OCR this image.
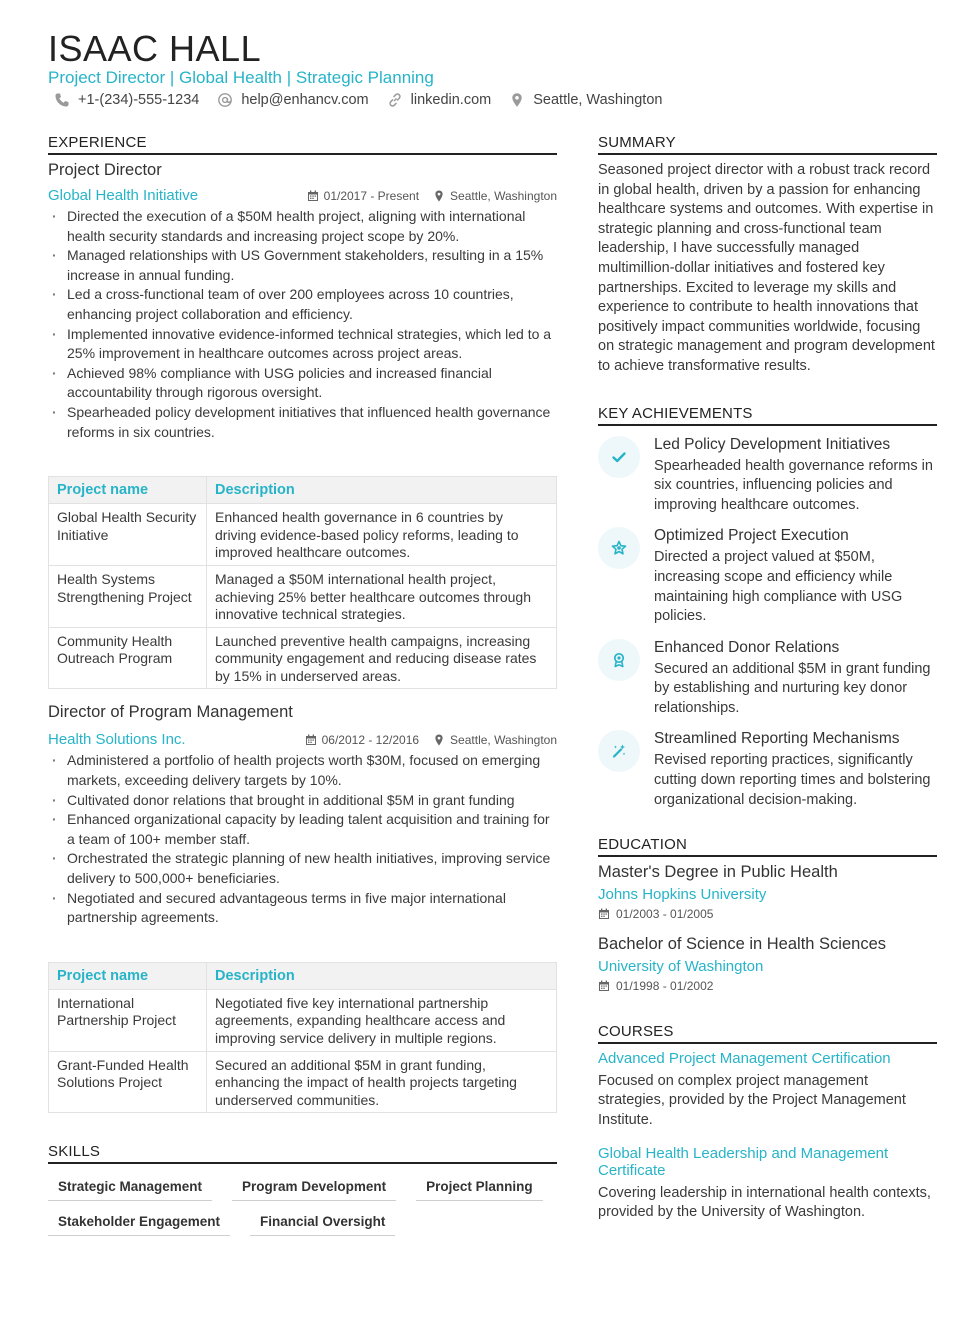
ISAAC HALL
Project Director | Global Health | Strategic Planning
+1-(234)-555-1234	help@enhancv.com	linkedin.com	Seattle, Washington
EXPERIENCE
Project Director
Global Health Initiative	01/2017 - Present	Seattle, Washington
· Directed the execution of a $50M health project, aligning with international health security standards and increasing project scope by 20%.
· Managed relationships with US Government stakeholders, resulting in a 15% increase in annual funding.
· Led a cross-functional team of over 200 employees across 10 countries, enhancing project collaboration and efficiency.
· Implemented innovative evidence-informed technical strategies, which led to a 25% improvement in healthcare outcomes across project areas.
· Achieved 98% compliance with USG policies and increased financial accountability through rigorous oversight.
· Spearheaded policy development initiatives that influenced health governance reforms in six countries.
Project name	Description
Global Health Security Initiative	Enhanced health governance in 6 countries by driving evidence-based policy reforms, leading to improved healthcare outcomes.
Health Systems Strengthening Project	Managed a $50M international health project, achieving 25% better healthcare outcomes through innovative technical strategies.
Community Health Outreach Program	Launched preventive health campaigns, increasing community engagement and reducing disease rates by 15% in underserved areas.
Director of Program Management
Health Solutions Inc.	06/2012 - 12/2016	Seattle, Washington
· Administered a portfolio of health projects worth $30M, focused on emerging markets, exceeding delivery targets by 10%.
· Cultivated donor relations that brought in additional $5M in grant funding
· Enhanced organizational capacity by leading talent acquisition and training for a team of 100+ member staff.
· Orchestrated the strategic planning of new health initiatives, improving service delivery to 500,000+ beneficiaries.
· Negotiated and secured advantageous terms in five major international partnership agreements.
Project name	Description
International Partnership Project	Negotiated five key international partnership agreements, expanding healthcare access and improving service delivery in multiple regions.
Grant-Funded Health Solutions Project	Secured an additional $5M in grant funding, enhancing the impact of health projects targeting underserved communities.
SKILLS
Strategic Management	Program Development	Project Planning
Stakeholder Engagement	Financial Oversight
SUMMARY
Seasoned project director with a robust track record in global health, driven by a passion for enhancing healthcare systems and outcomes. With expertise in strategic planning and cross-functional team leadership, I have successfully managed multimillion-dollar initiatives and fostered key partnerships. Excited to leverage my skills and experience to contribute to health innovations that positively impact communities worldwide, focusing on strategic management and program development to achieve transformative results.
KEY ACHIEVEMENTS
Led Policy Development Initiatives
Spearheaded health governance reforms in six countries, influencing policies and improving healthcare outcomes.
Optimized Project Execution
Directed a project valued at $50M, increasing scope and efficiency while maintaining high compliance with USG policies.
Enhanced Donor Relations
Secured an additional $5M in grant funding by establishing and nurturing key donor relationships.
Streamlined Reporting Mechanisms
Revised reporting practices, significantly cutting down reporting times and bolstering organizational decision-making.
EDUCATION
Master's Degree in Public Health
Johns Hopkins University
01/2003 - 01/2005
Bachelor of Science in Health Sciences
University of Washington
01/1998 - 01/2002
COURSES
Advanced Project Management Certification
Focused on complex project management strategies, provided by the Project Management Institute.
Global Health Leadership and Management Certificate
Covering leadership in international health contexts, provided by the University of Washington.
